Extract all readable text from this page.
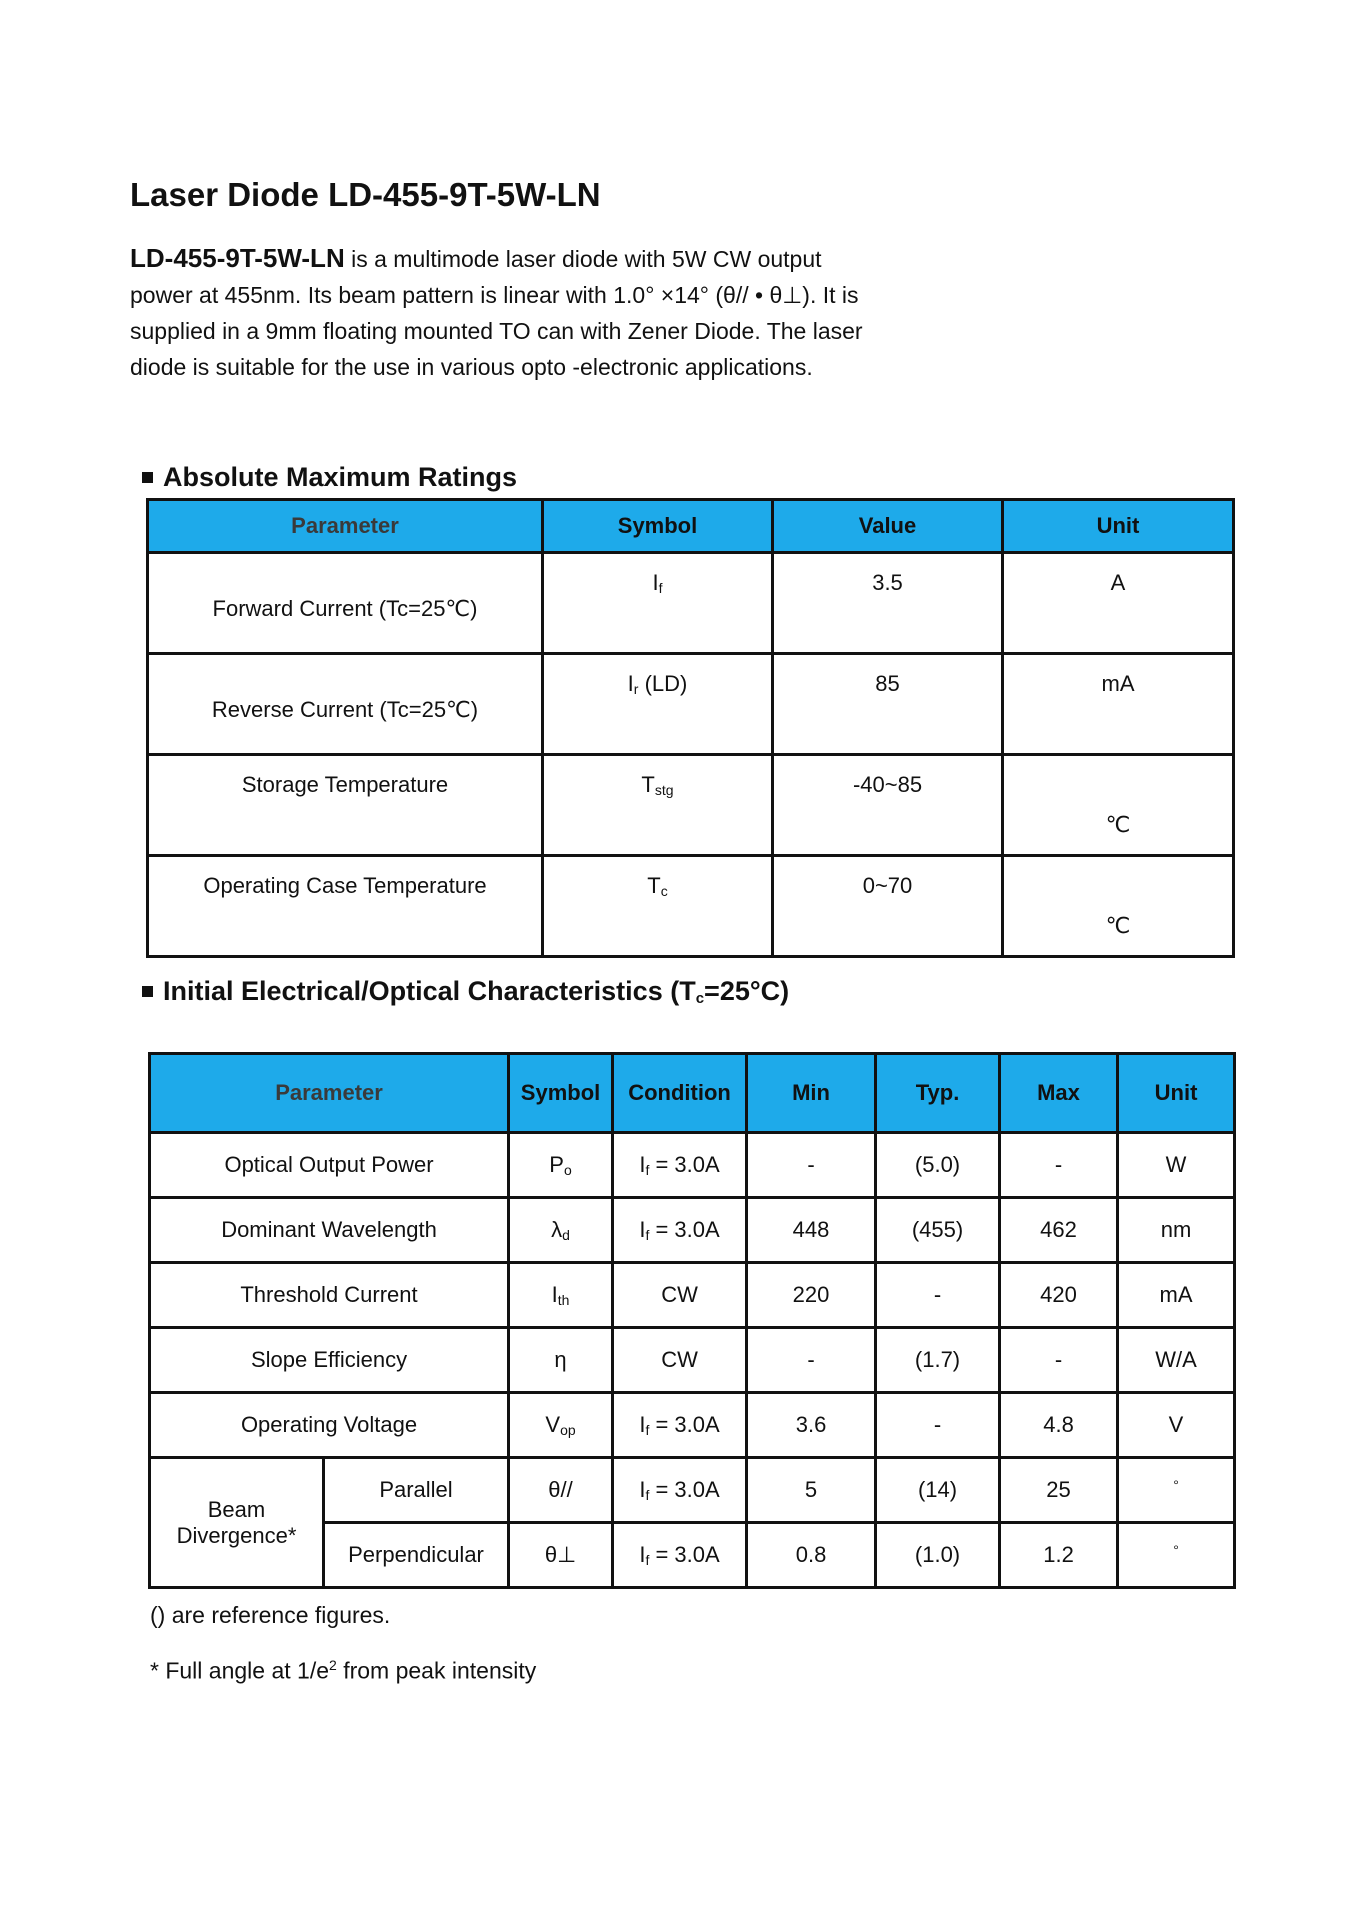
Laser Diode LD-455-9T-5W-LN
LD-455-9T-5W-LN is a multimode laser diode with 5W CW output power at 455nm. Its beam pattern is linear with 1.0° ×14° (θ// • θ⊥). It is supplied in a 9mm floating mounted TO can with Zener Diode. The laser diode is suitable for the use in various opto -electronic applications.
Absolute Maximum Ratings
Parameter	Symbol	Value	Unit
Forward Current (Tc=25℃)	$I_f$	3.5	A
Reverse Current (Tc=25℃)	$I_r$ (LD)	85	mA
Storage Temperature	$T_{stg}$	-40~85	℃
Operating Case Temperature	$T_c$	0~70	℃
Initial Electrical/Optical Characteristics $(T_c=25^\circ C)$
Parameter		Symbol	Condition	Min	Typ.	Max	Unit
Optical Output Power		$P_o$	$I_f = 3.0A$	-	(5.0)	-	W
Dominant Wavelength		$\lambda_d$	$I_f = 3.0A$	448	(455)	462	nm
Threshold Current		$I_{th}$	CW	220	-	420	mA
Slope Efficiency		η	CW	-	(1.7)	-	W/A
Operating Voltage		$V_{op}$	$I_f = 3.0A$	3.6	-	4.8	V
Beam
Divergence*	Parallel	θ//	$I_f = 3.0A$	5	(14)	25	°
	Perpendicular	θ⊥	$I_f = 3.0A$	0.8	(1.0)	1.2	°
() are reference figures.
* Full angle at $1/e^2$ from peak intensity
